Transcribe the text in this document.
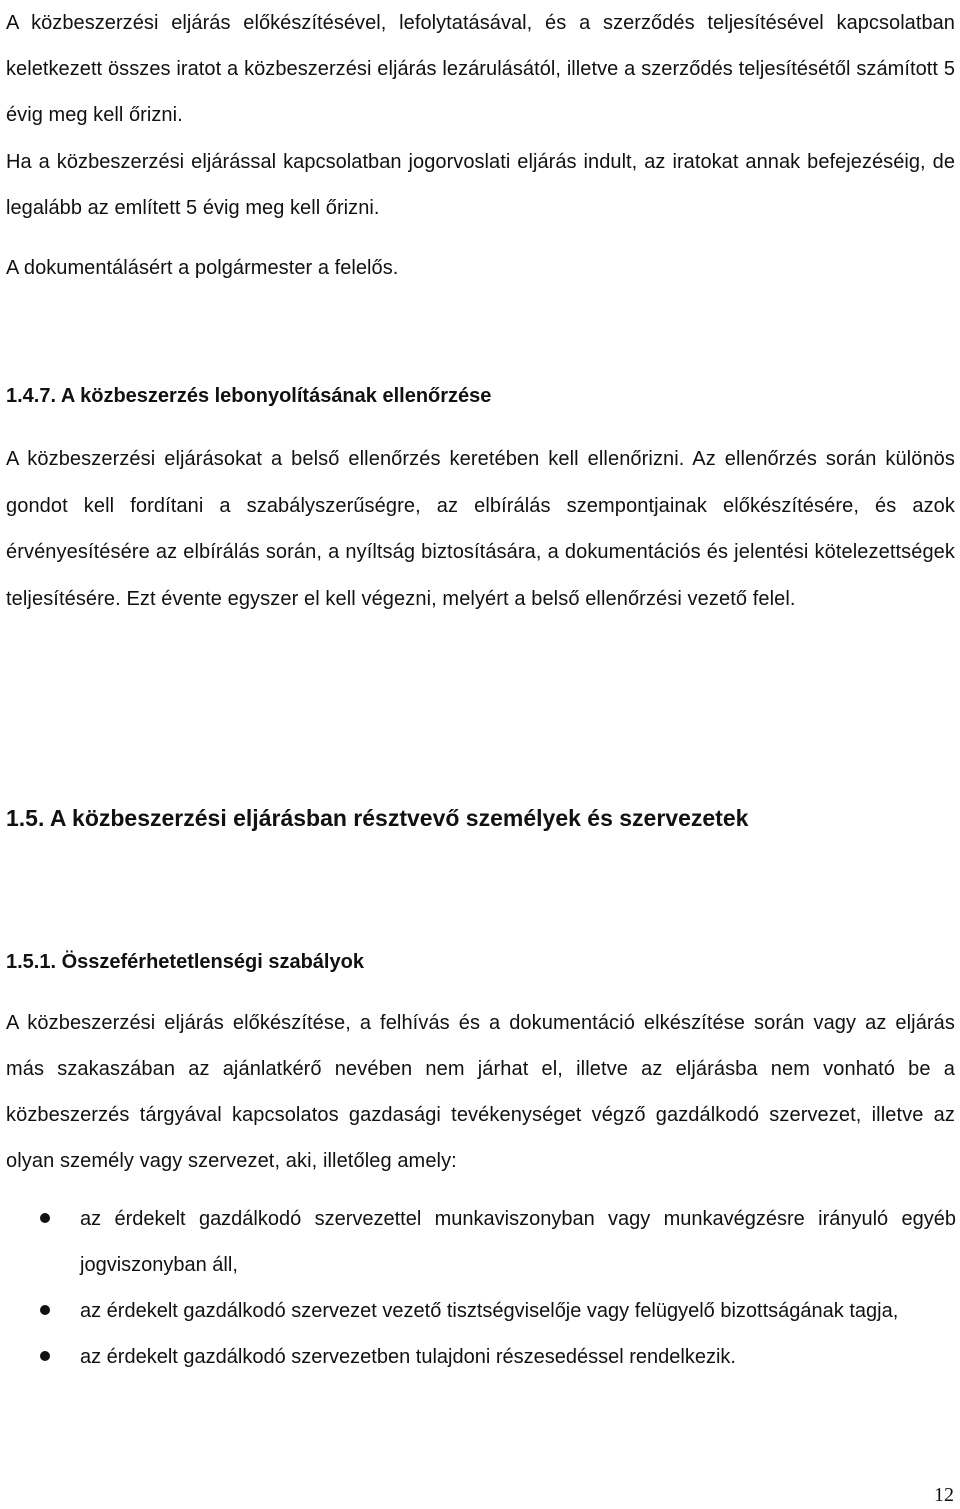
A közbeszerzési eljárás előkészítésével, lefolytatásával, és a szerződés teljesítésével kapcsolatban keletkezett összes iratot a közbeszerzési eljárás lezárulásától, illetve a szerződés teljesítésétől számított 5 évig meg kell őrizni.

Ha a közbeszerzési eljárással kapcsolatban jogorvoslati eljárás indult, az iratokat annak befejezéséig, de legalább az említett 5 évig meg kell őrizni.

A dokumentálásért a polgármester a felelős.

1.4.7. A közbeszerzés lebonyolításának ellenőrzése

A közbeszerzési eljárásokat a belső ellenőrzés keretében kell ellenőrizni. Az ellenőrzés során különös gondot kell fordítani a szabályszerűségre, az elbírálás szempontjainak előkészítésére, és azok érvényesítésére az elbírálás során, a nyíltság biztosítására, a dokumentációs és jelentési kötelezettségek teljesítésére. Ezt évente egyszer el kell végezni, melyért a belső ellenőrzési vezető felel.

1.5. A közbeszerzési eljárásban résztvevő személyek és szervezetek
1.5.1. Összeférhetetlenségi szabályok

A közbeszerzési eljárás előkészítése, a felhívás és a dokumentáció elkészítése során vagy az eljárás más szakaszában az ajánlatkérő nevében nem járhat el, illetve az eljárásba nem vonható be a közbeszerzés tárgyával kapcsolatos gazdasági tevékenységet végző gazdálkodó szervezet, illetve az olyan személy vagy szervezet, aki, illetőleg amely:

az érdekelt gazdálkodó szervezettel munkaviszonyban vagy munkavégzésre irányuló egyéb jogviszonyban áll,
az érdekelt gazdálkodó szervezet vezető tisztségviselője vagy felügyelő bizottságának tagja,
az érdekelt gazdálkodó szervezetben tulajdoni részesedéssel rendelkezik.

12
